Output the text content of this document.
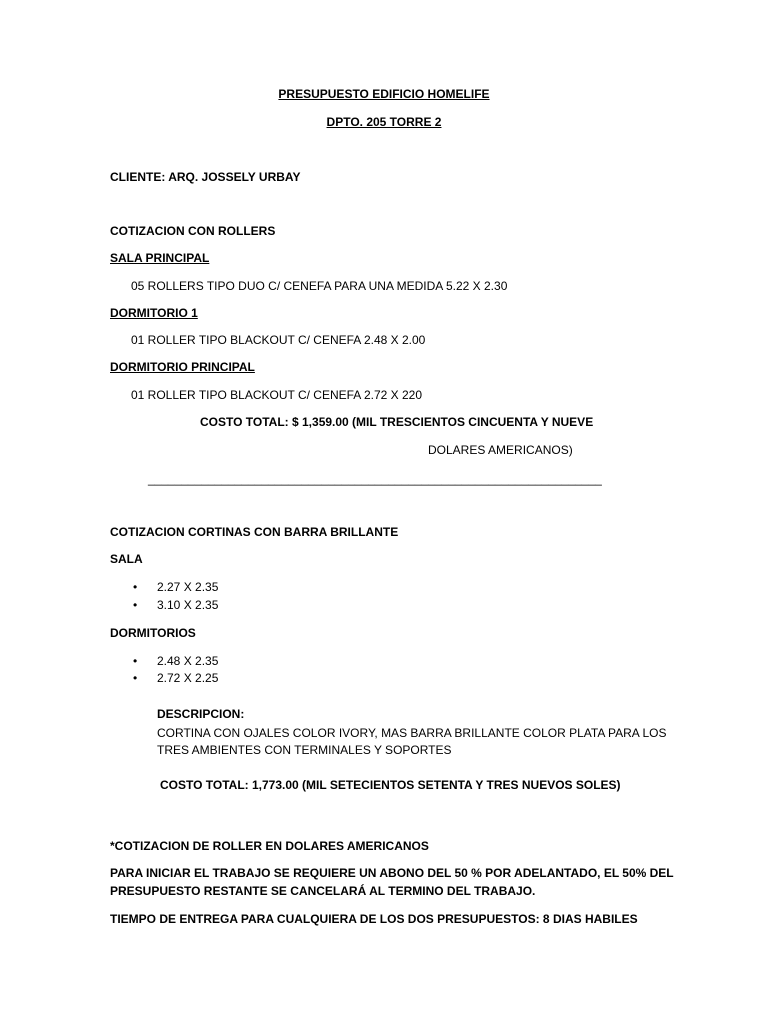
PRESUPUESTO EDIFICIO HOMELIFE

DPTO. 205 TORRE 2

CLIENTE: ARQ. JOSSELY URBAY

COTIZACION CON ROLLERS

SALA PRINCIPAL

05 ROLLERS TIPO DUO C/ CENEFA PARA UNA MEDIDA 5.22 X 2.30

DORMITORIO 1

01 ROLLER TIPO BLACKOUT C/ CENEFA 2.48 X 2.00

DORMITORIO PRINCIPAL

01 ROLLER TIPO BLACKOUT C/ CENEFA 2.72 X 220

COSTO TOTAL: $ 1,359.00 (MIL TRESCIENTOS CINCUENTA Y NUEVE

DOLARES AMERICANOS)

____________________________________________________________________

COTIZACION CORTINAS CON BARRA BRILLANTE

SALA

• 2.27 X 2.35

• 3.10 X 2.35

DORMITORIOS

• 2.48 X 2.35

• 2.72 X 2.25

DESCRIPCION:

CORTINA CON OJALES COLOR IVORY, MAS BARRA BRILLANTE COLOR PLATA PARA LOS TRES AMBIENTES CON TERMINALES Y SOPORTES

COSTO TOTAL: 1,773.00 (MIL SETECIENTOS SETENTA Y TRES NUEVOS SOLES)

*COTIZACION DE ROLLER EN DOLARES AMERICANOS

PARA INICIAR EL TRABAJO SE REQUIERE UN ABONO DEL 50 % POR ADELANTADO, EL 50% DEL

PRESUPUESTO RESTANTE SE CANCELARÁ AL TERMINO DEL TRABAJO.

TIEMPO DE ENTREGA PARA CUALQUIERA DE LOS DOS PRESUPUESTOS: 8 DIAS HABILES
